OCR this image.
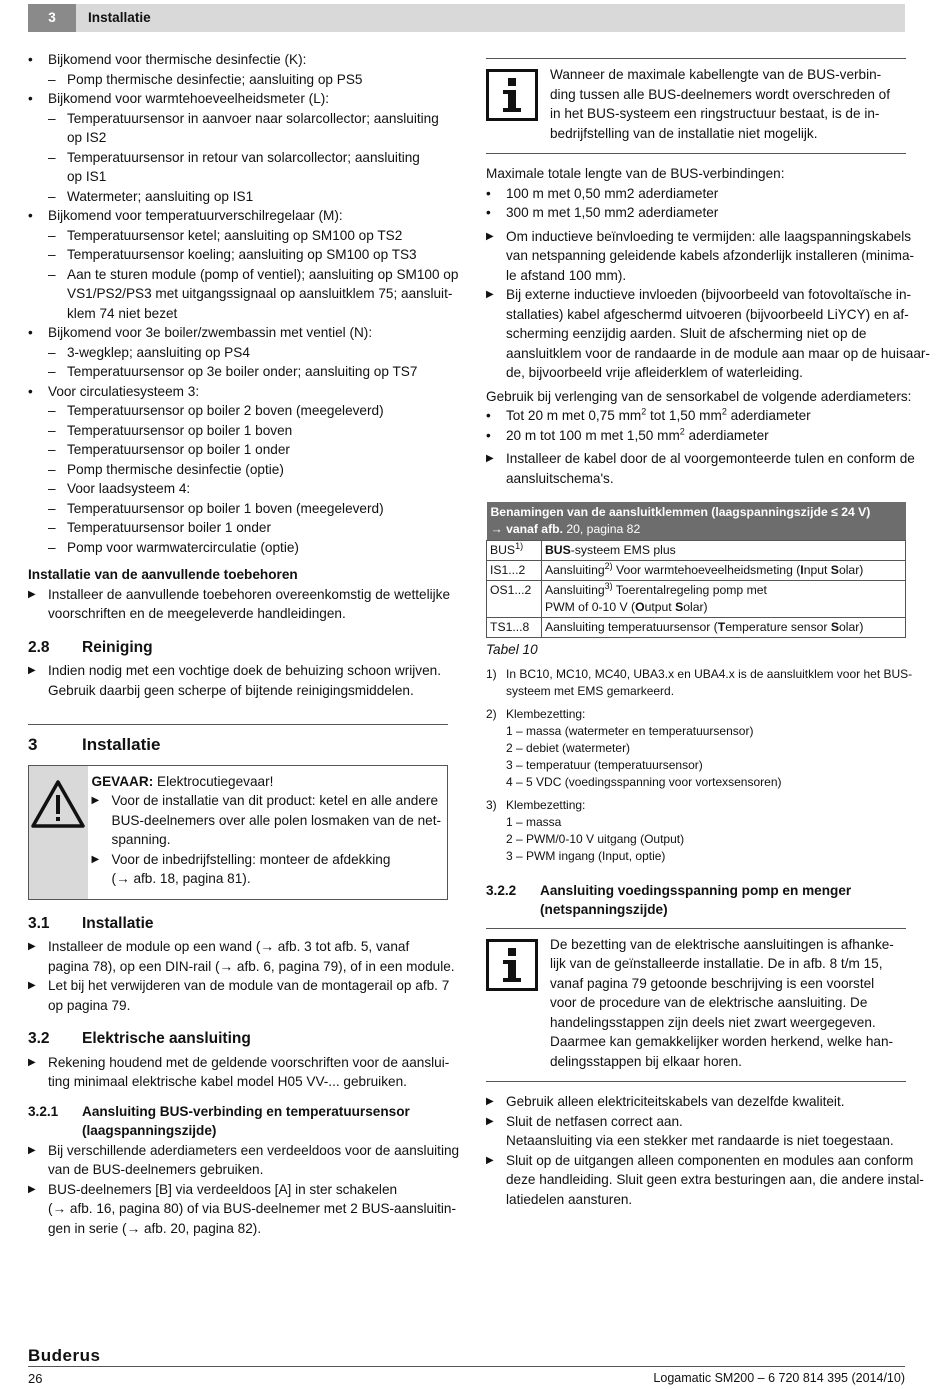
3	Installatie
• Bijkomend voor thermische desinfectie (K):
– Pomp thermische desinfectie; aansluiting op PS5
• Bijkomend voor warmtehoeveelheidsmeter (L):
– Temperatuursensor in aanvoer naar solarcollector; aansluiting
op IS2
– Temperatuursensor in retour van solarcollector; aansluiting
op IS1
– Watermeter; aansluiting op IS1
• Bijkomend voor temperatuurverschilregelaar (M):
– Temperatuursensor ketel; aansluiting op SM100 op TS2
– Temperatuursensor koeling; aansluiting op SM100 op TS3
– Aan te sturen module (pomp of ventiel); aansluiting op SM100 op
VS1/PS2/PS3 met uitgangssignaal op aansluitklem 75; aansluit-
klem 74 niet bezet
• Bijkomend voor 3e boiler/zwembassin met ventiel (N):
– 3-wegklep; aansluiting op PS4
– Temperatuursensor op 3e boiler onder; aansluiting op TS7
• Voor circulatiesysteem 3:
– Temperatuursensor op boiler 2 boven (meegeleverd)
– Temperatuursensor op boiler 1 boven
– Temperatuursensor op boiler 1 onder
– Pomp thermische desinfectie (optie)
– Voor laadsysteem 4:
– Temperatuursensor op boiler 1 boven (meegeleverd)
– Temperatuursensor boiler 1 onder
– Pomp voor warmwatercirculatie (optie)
Installatie van de aanvullende toebehoren
▶ Installeer de aanvullende toebehoren overeenkomstig de wettelijke
voorschriften en de meegeleverde handleidingen.
2.8 Reiniging
▶ Indien nodig met een vochtige doek de behuizing schoon wrijven.
Gebruik daarbij geen scherpe of bijtende reinigingsmiddelen.
3	Installatie
GEVAAR: Elektrocutiegevaar!
▶ Voor de installatie van dit product: ketel en alle andere
BUS-deelnemers over alle polen losmaken van de net-
spanning.
▶ Voor de inbedrijfstelling: monteer de afdekking
(→ afb. 18, pagina 81).
3.1 Installatie
▶ Installeer de module op een wand (→ afb. 3 tot afb. 5, vanaf
pagina 78), op een DIN-rail (→ afb. 6, pagina 79), of in een module.
▶ Let bij het verwijderen van de module van de montagerail op afb. 7
op pagina 79.
3.2 Elektrische aansluiting
▶ Rekening houdend met de geldende voorschriften voor de aanslui-
ting minimaal elektrische kabel model H05 VV-... gebruiken.
3.2.1 Aansluiting BUS-verbinding en temperatuursensor
(laagspanningszijde)
▶ Bij verschillende aderdiameters een verdeeldoos voor de aansluiting
van de BUS-deelnemers gebruiken.
▶ BUS-deelnemers [B] via verdeeldoos [A] in ster schakelen
(→ afb. 16, pagina 80) of via BUS-deelnemer met 2 BUS-aansluitin-
gen in serie (→ afb. 20, pagina 82).
Wanneer de maximale kabellengte van de BUS-verbin-
ding tussen alle BUS-deelnemers wordt overschreden of
in het BUS-systeem een ringstructuur bestaat, is de in-
bedrijfstelling van de installatie niet mogelijk.
Maximale totale lengte van de BUS-verbindingen:
• 100 m met 0,50 mm2 aderdiameter
• 300 m met 1,50 mm2 aderdiameter
▶ Om inductieve beïnvloeding te vermijden: alle laagspanningskabels
van netspanning geleidende kabels afzonderlijk installeren (minima-
le afstand 100 mm).
▶ Bij externe inductieve invloeden (bijvoorbeeld van fotovoltaïsche in-
stallaties) kabel afgeschermd uitvoeren (bijvoorbeeld LiYCY) en af-
scherming eenzijdig aarden. Sluit de afscherming niet op de
aansluitklem voor de randaarde in de module aan maar op de huisaar-
de, bijvoorbeeld vrije afleiderklem of waterleiding.
Gebruik bij verlenging van de sensorkabel de volgende aderdiameters:
• Tot 20 m met 0,75 $mm^2$ tot 1,50 $mm^2$ aderdiameter
• 20 m tot 100 m met 1,50 $mm^2$ aderdiameter
▶ Installeer de kabel door de al voorgemonteerde tulen en conform de
aansluitschema's.
Benamingen van de aansluitklemmen (laagspanningszijde ≤ 24 V)
→ vanaf afb. 20, pagina 82	

BUS$^{1)}$	BUS-systeem EMS plus

IS1...2	Aansluiting$^{2)}$ Voor warmtehoeveelheidsmeting (Input Solar)

OS1...2	Aansluiting$^{3)}$ Toerentalregeling pomp met
PWM of 0-10 V (Output Solar)

TS1...8	Aansluiting temperatuursensor (Temperature sensor Solar)
Tabel 10
1) In BC10, MC10, MC40, UBA3.x en UBA4.x is de aansluitklem voor het BUS-
systeem met EMS gemarkeerd.
2) Klembezetting:
1 – massa (watermeter en temperatuursensor)
2 – debiet (watermeter)
3 – temperatuur (temperatuursensor)
4 – 5 VDC (voedingsspanning voor vortexsensoren)
3) Klembezetting:
1 – massa
2 – PWM/0-10 V uitgang (Output)
3 – PWM ingang (Input, optie)
3.2.2 Aansluiting voedingsspanning pomp en menger
(netspanningszijde)
De bezetting van de elektrische aansluitingen is afhanke-
lijk van de geïnstalleerde installatie. De in afb. 8 t/m 15,
vanaf pagina 79 getoonde beschrijving is een voorstel
voor de procedure van de elektrische aansluiting. De
handelingsstappen zijn deels niet zwart weergegeven.
Daarmee kan gemakkelijker worden herkend, welke han-
delingsstappen bij elkaar horen.
▶ Gebruik alleen elektriciteitskabels van dezelfde kwaliteit.
▶ Sluit de netfasen correct aan.
Netaansluiting via een stekker met randaarde is niet toegestaan.
▶ Sluit op de uitgangen alleen componenten en modules aan conform
deze handleiding. Sluit geen extra besturingen aan, die andere instal-
latiedelen aansturen.
Buderus
26	Logamatic SM200 – 6 720 814 395 (2014/10)
